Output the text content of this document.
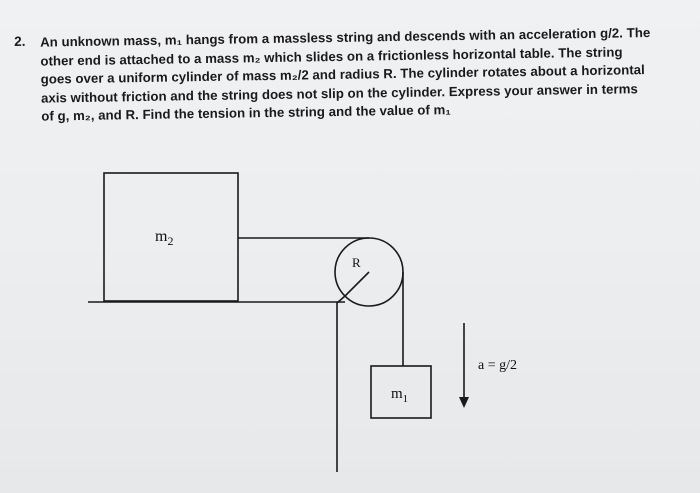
2. An unknown mass, m₁ hangs from a massless string and descends with an acceleration g/2. The
other end is attached to a mass m₂ which slides on a frictionless horizontal table. The string
goes over a uniform cylinder of mass m₂/2 and radius R. The cylinder rotates about a horizontal
axis without friction and the string does not slip on the cylinder. Express your answer in terms
of g, m₂, and R. Find the tension in the string and the value of m₁
$m_2$
R
$m_1$
a = g/2
